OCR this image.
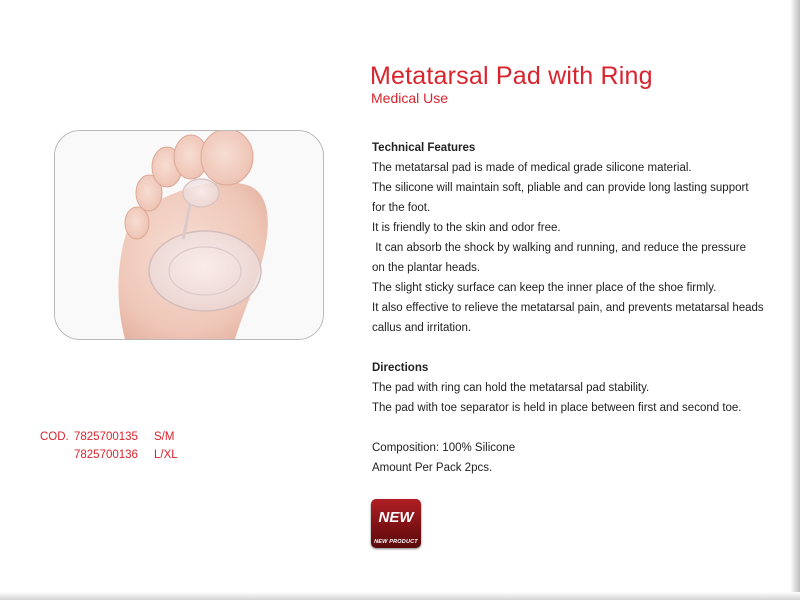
Metatarsal Pad with Ring
Medical Use
Technical Features
The metatarsal pad is made of medical grade silicone material.
The silicone will maintain soft, pliable and can provide long lasting support
for the foot.
It is friendly to the skin and odor free.
It can absorb the shock by walking and running, and reduce the pressure
on the plantar heads.
The slight sticky surface can keep the inner place of the shoe firmly.
It also effective to relieve the metatarsal pain, and prevents metatarsal heads
callus and irritation.
Directions
The pad with ring can hold the metatarsal pad stability.
The pad with toe separator is held in place between first and second toe.
Composition: 100% Silicone
Amount Per Pack 2pcs.
COD. 7825700135	S/M
7825700136	L/XL
NEW
NEW PRODUCT
